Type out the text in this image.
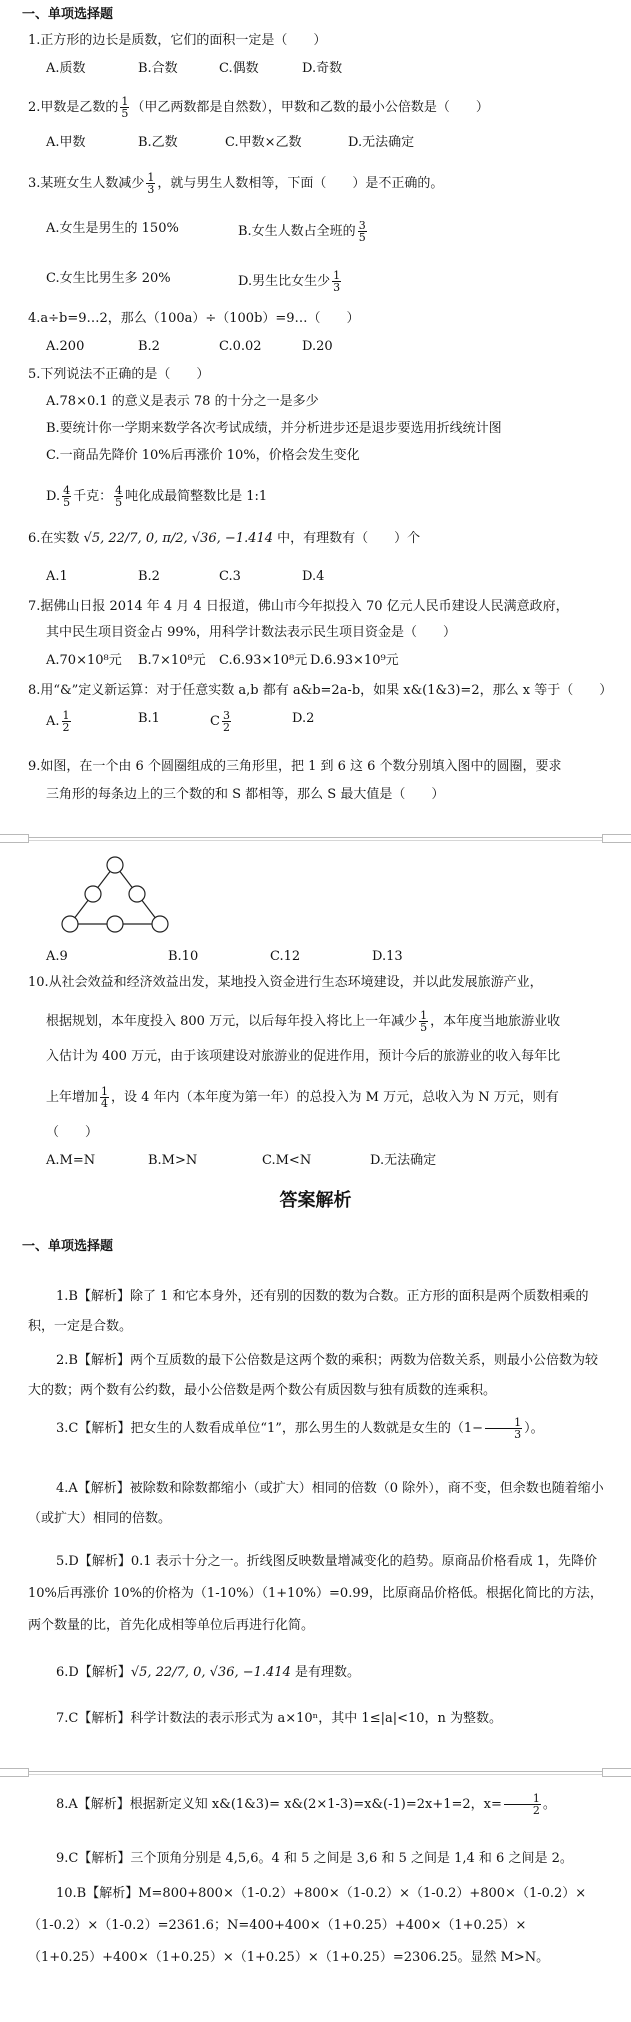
一、单项选择题
1.正方形的边长是质数，它们的面积一定是（　　）
A.质数	B.合数	C.偶数	D.奇数
2.甲数是乙数的 $\frac{1}{5}$ （甲乙两数都是自然数），甲数和乙数的最小公倍数是（　　）
A.甲数	B.乙数	C.甲数×乙数	D.无法确定
3.某班女生人数减少 $\frac{1}{3}$ ，就与男生人数相等，下面（　　）是不正确的。
A.女生是男生的 150%	B.女生人数占全班的 $\frac{3}{5}$
C.女生比男生多 20%	D.男生比女生少 $\frac{1}{3}$
4.a÷b=9…2，那么（100a）÷（100b）=9…（　　）
A.200	B.2	C.0.02	D.20
5.下列说法不正确的是（　　）
A.78×0.1 的意义是表示 78 的十分之一是多少
B.要统计你一学期来数学各次考试成绩，并分析进步还是退步要选用折线统计图
C.一商品先降价 10%后再涨价 10%，价格会发生变化
D. $\frac{4}{5}$ 千克： $\frac{4}{5}$ 吨化成最简整数比是 1:1
6.在实数 √5, 22/7, 0, π/2, √36, −1.414 中，有理数有（　　）个
A.1	B.2	C.3	D.4
7.据佛山日报 2014 年 4 月 4 日报道，佛山市今年拟投入 70 亿元人民币建设人民满意政府，
其中民生项目资金占 99%，用科学计数法表示民生项目资金是（　　）
A.70×10⁸元 B.7×10⁸元 C.6.93×10⁸元 D.6.93×10⁹元
8.用“&”定义新运算：对于任意实数 a,b 都有 a&b=2a-b，如果 x&(1&3)=2，那么 x 等于（　　）
A. $\frac{1}{2}$	B.1	C $\frac{3}{2}$	D.2
9.如图，在一个由 6 个圆圈组成的三角形里，把 1 到 6 这 6 个数分别填入图中的圆圈，要求
三角形的每条边上的三个数的和 S 都相等，那么 S 最大值是（　　）
A.9	B.10	C.12	D.13
10.从社会效益和经济效益出发，某地投入资金进行生态环境建设，并以此发展旅游产业，
根据规划，本年度投入 800 万元，以后每年投入将比上一年减少 $\frac{1}{5}$ ，本年度当地旅游业收
入估计为 400 万元，由于该项建设对旅游业的促进作用，预计今后的旅游业的收入每年比
上年增加 $\frac{1}{4}$ ，设 4 年内（本年度为第一年）的总投入为 M 万元，总收入为 N 万元，则有
（　　）
A.M=N	B.M>N	C.M<N	D.无法确定
答案解析
一、单项选择题
1.B【解析】除了 1 和它本身外，还有别的因数的数为合数。正方形的面积是两个质数相乘的积，一定是合数。
2.B【解析】两个互质数的最下公倍数是这两个数的乘积；两数为倍数关系，则最小公倍数为较大的数；两个数有公约数，最小公倍数是两个数公有质因数与独有质数的连乘积。
3.C【解析】把女生的人数看成单位“1”，那么男生的人数就是女生的（$1- \frac{1}{3}$ ）。
4.A【解析】被除数和除数都缩小（或扩大）相同的倍数（0 除外），商不变，但余数也随着缩小（或扩大）相同的倍数。
5.D【解析】0.1 表示十分之一。折线图反映数量增减变化的趋势。原商品价格看成 1，先降价 10%后再涨价 10%的价格为（1-10%）（1+10%）=0.99，比原商品价格低。根据化简比的方法，两个数量的比，首先化成相等单位后再进行化简。
6.D【解析】√5, 22/7, 0, √36, −1.414 是有理数。
7.C【解析】科学计数法的表示形式为 a×10ⁿ，其中 1≤|a|<10，n 为整数。
8.A【解析】根据新定义知 x&(1&3)= x&(2×1-3)=x&(-1)=2x+1=2，$x= \frac{1}{2}$ 。
9.C【解析】三个顶角分别是 4,5,6。4 和 5 之间是 3,6 和 5 之间是 1,4 和 6 之间是 2。
10.B【解析】M=800+800×（1-0.2）+800×（1-0.2）×（1-0.2）+800×（1-0.2）×（1-0.2）×（1-0.2）=2361.6；N=400+400×（1+0.25）+400×（1+0.25）×（1+0.25）+400×（1+0.25）×（1+0.25）×（1+0.25）=2306.25。显然 M>N。
